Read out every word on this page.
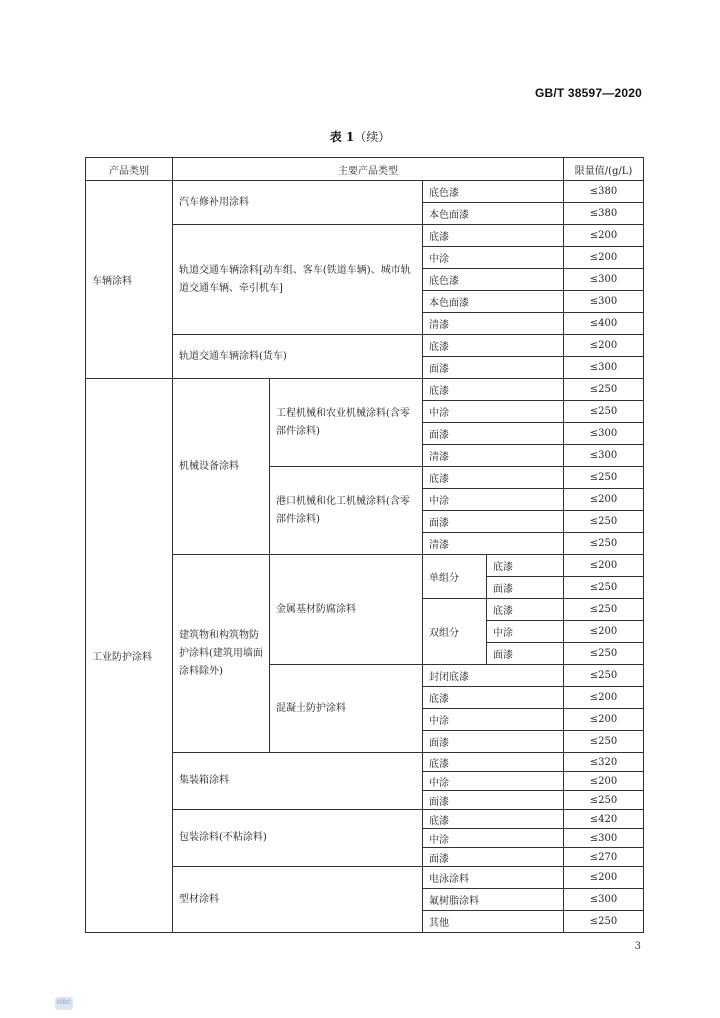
GB/T 38597—2020
表 1（续）
产品类别	主要产品类型				限量值/(g/L)
车辆涂料	汽车修补用涂料		底色漆		≤380
			本色面漆		≤380
	轨道交通车辆涂料[动车组、客车(铁道车辆)、城市轨道交通车辆、牵引机车]		底漆		≤200
			中涂		≤200
			底色漆		≤300
			本色面漆		≤300
			清漆		≤400
	轨道交通车辆涂料(货车)		底漆		≤200
			面漆		≤300
工业防护涂料	机械设备涂料	工程机械和农业机械涂料(含零部件涂料)	底漆		≤250
			中涂		≤250
			面漆		≤300
			清漆		≤300
		港口机械和化工机械涂料(含零部件涂料)	底漆		≤250
			中涂		≤200
			面漆		≤250
			清漆		≤250
	建筑物和构筑物防护涂料(建筑用墙面涂料除外)	金属基材防腐涂料	单组分	底漆	≤200
				面漆	≤250
			双组分	底漆	≤250
				中涂	≤200
				面漆	≤250
		混凝土防护涂料	封闭底漆		≤250
			底漆		≤200
			中涂		≤200
			面漆		≤250
	集装箱涂料		底漆		≤320
			中涂		≤200
			面漆		≤250
	包装涂料(不粘涂料)		底漆		≤420
			中涂		≤300
			面漆		≤270
	型材涂料		电泳涂料		≤200
			氟树脂涂料		≤300
			其他		≤250
3
ISBC
